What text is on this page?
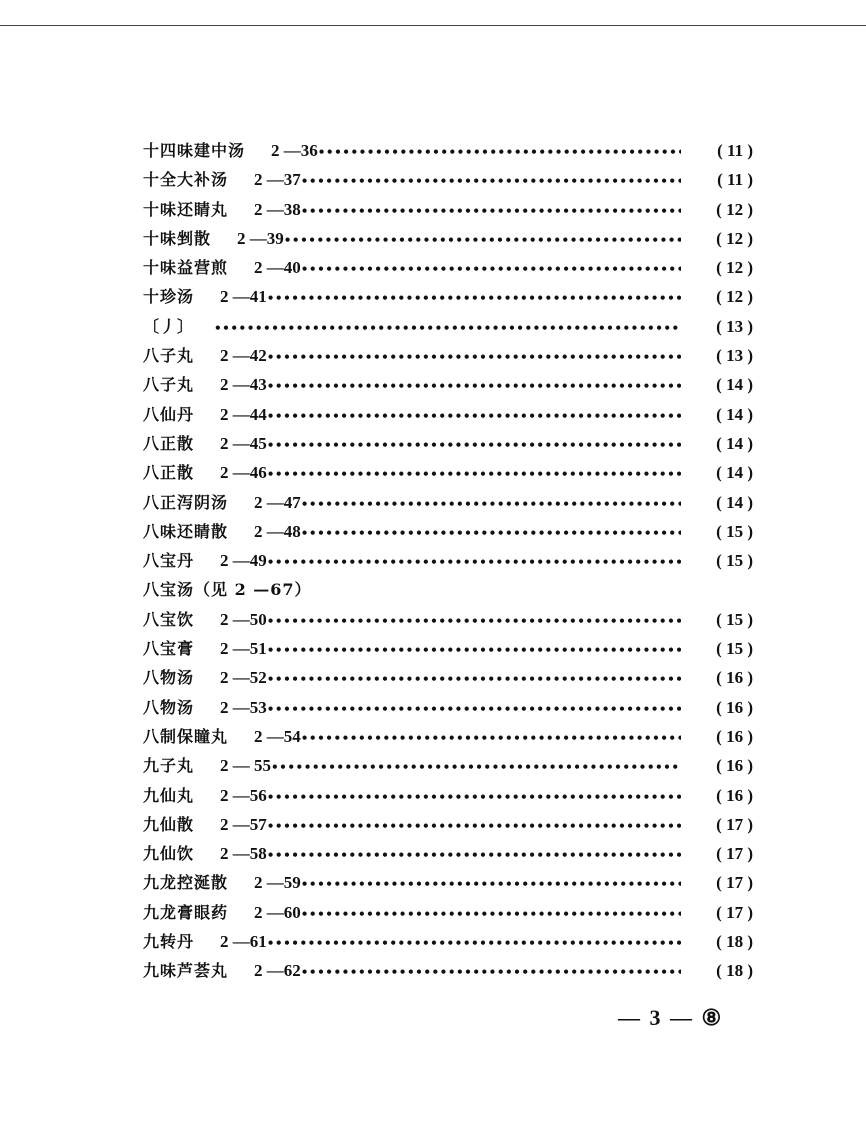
十四味建中汤 2 —36 •••••	( 11 )
十全大补汤 2 —37 •••••	( 11 )
十味还睛丸 2 —38 •••••	( 12 )
十味剉散 2 —39 •••••	( 12 )
十味益营煎 2 —40 •••••	( 12 )
十珍汤 2 —41 •••••	( 12 )
〔丿〕 •••••	( 13 )
八子丸 2 —42 •••••	( 13 )
八子丸 2 —43 •••••	( 14 )
八仙丹 2 —44 •••••	( 14 )
八正散 2 —45 •••••	( 14 )
八正散 2 —46 •••••	( 14 )
八正泻阴汤 2 —47 •••••	( 14 )
八味还睛散 2 —48 •••••	( 15 )
八宝丹 2 —49 •••••	( 15 )
八宝汤（见 2 —67）
八宝饮 2 —50 •••••	( 15 )
八宝膏 2 —51 •••••	( 15 )
八物汤 2 —52 •••••	( 16 )
八物汤 2 —53 •••••	( 16 )
八制保瞳丸 2 —54 •••••	( 16 )
九子丸 2 — 55 •••••	( 16 )
九仙丸 2 —56 •••••	( 16 )
九仙散 2 —57 •••••	( 17 )
九仙饮 2 —58 •••••	( 17 )
九龙控涎散 2 —59 •••••	( 17 )
九龙膏眼药 2 —60 •••••	( 17 )
九转丹 2 —61 •••••	( 18 )
九味芦荟丸 2 —62 •••••	( 18 )
— 3 — ⑧
